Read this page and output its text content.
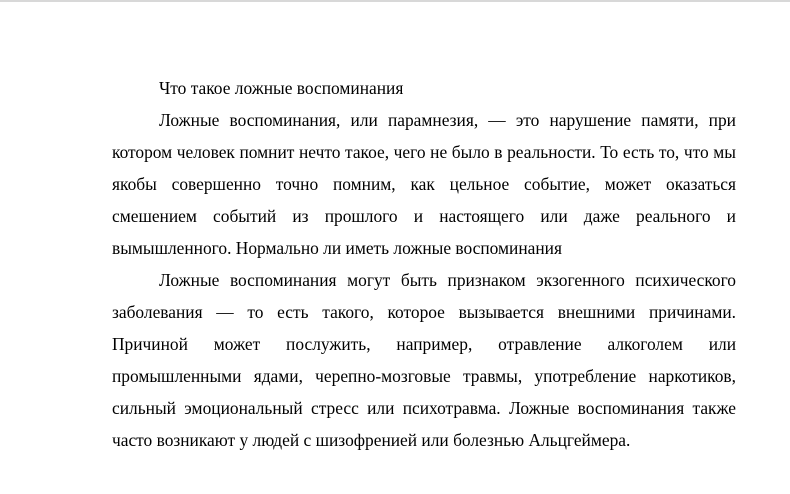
Что такое ложные воспоминания

Ложные воспоминания, или парамнезия, — это нарушение памяти, при котором человек помнит нечто такое, чего не было в реальности. То есть то, что мы якобы совершенно точно помним, как цельное событие, может оказаться смешением событий из прошлого и настоящего или даже реального и вымышленного. Нормально ли иметь ложные воспоминания

Ложные воспоминания могут быть признаком экзогенного психического заболевания — то есть такого, которое вызывается внешними причинами. Причиной может послужить, например, отравление алкоголем или промышленными ядами, черепно-мозговые травмы, употребление наркотиков, сильный эмоциональный стресс или психотравма. Ложные воспоминания также часто возникают у людей с шизофренией или болезнью Альцгеймера.
